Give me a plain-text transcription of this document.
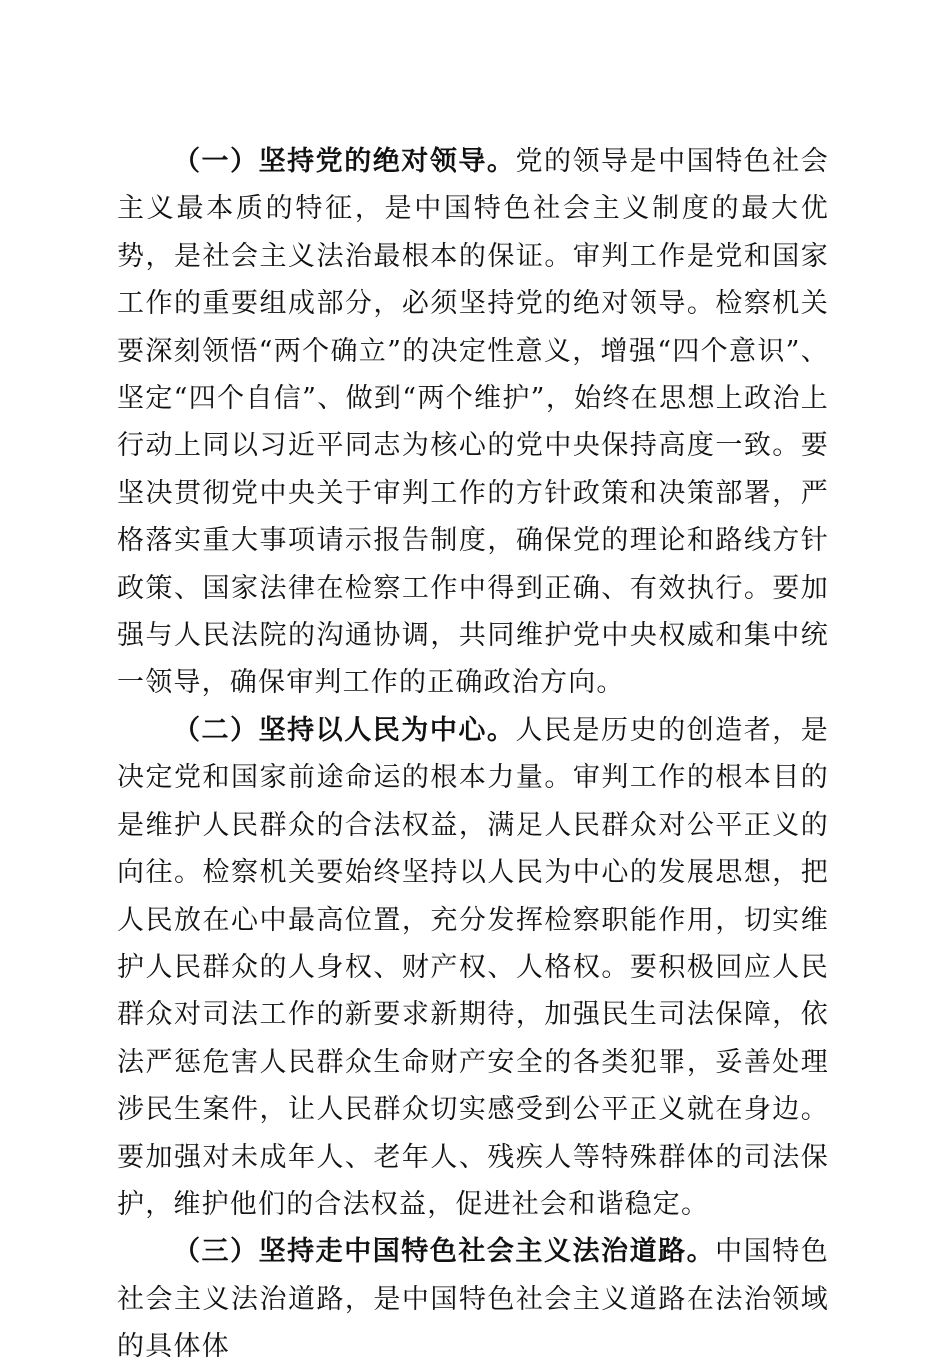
（一）坚持党的绝对领导。党的领导是中国特色社会主义最本质的特征，是中国特色社会主义制度的最大优势，是社会主义法治最根本的保证。审判工作是党和国家工作的重要组成部分，必须坚持党的绝对领导。检察机关要深刻领悟“两个确立”的决定性意义，增强“四个意识”、坚定“四个自信”、做到“两个维护”，始终在思想上政治上行动上同以习近平同志为核心的党中央保持高度一致。要坚决贯彻党中央关于审判工作的方针政策和决策部署，严格落实重大事项请示报告制度，确保党的理论和路线方针政策、国家法律在检察工作中得到正确、有效执行。要加强与人民法院的沟通协调，共同维护党中央权威和集中统一领导，确保审判工作的正确政治方向。

（二）坚持以人民为中心。人民是历史的创造者，是决定党和国家前途命运的根本力量。审判工作的根本目的是维护人民群众的合法权益，满足人民群众对公平正义的向往。检察机关要始终坚持以人民为中心的发展思想，把人民放在心中最高位置，充分发挥检察职能作用，切实维护人民群众的人身权、财产权、人格权。要积极回应人民群众对司法工作的新要求新期待，加强民生司法保障，依法严惩危害人民群众生命财产安全的各类犯罪，妥善处理涉民生案件，让人民群众切实感受到公平正义就在身边。要加强对未成年人、老年人、残疾人等特殊群体的司法保护，维护他们的合法权益，促进社会和谐稳定。

（三）坚持走中国特色社会主义法治道路。中国特色社会主义法治道路，是中国特色社会主义道路在法治领域的具体体
